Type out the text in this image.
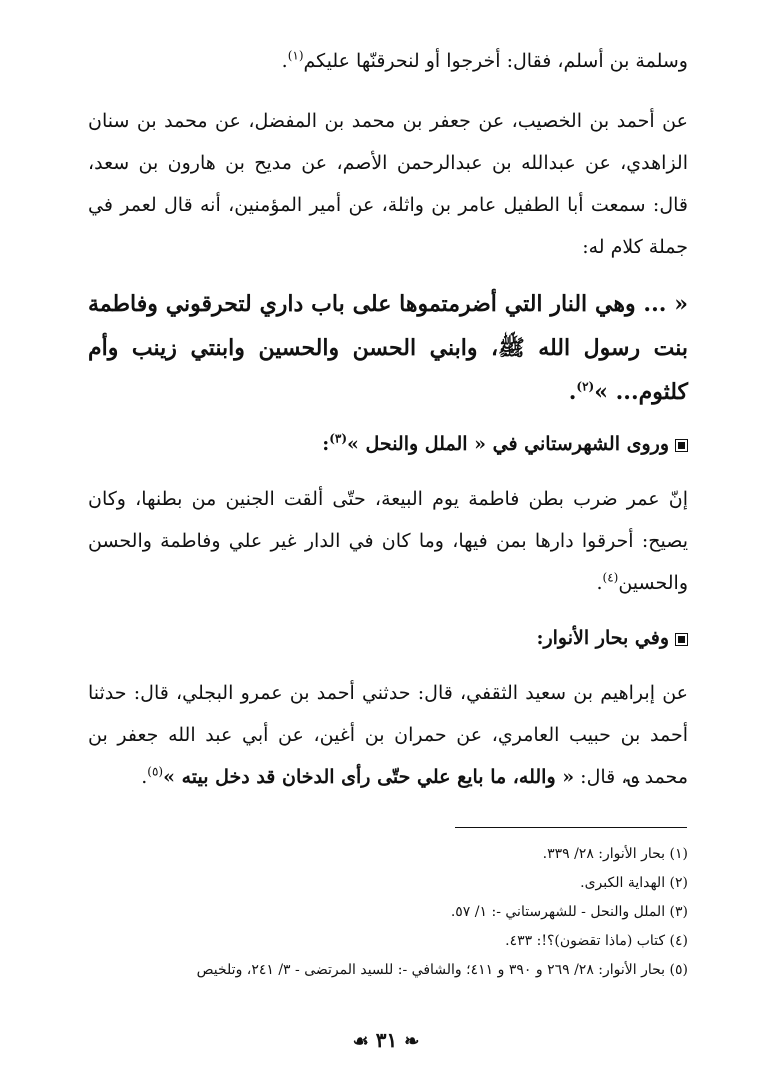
وسلمة بن أسلم، فقال: أخرجوا أو لنحرقنّها عليكم$^{(١)}$.

عن أحمد بن الخصيب، عن جعفر بن محمد بن المفضل، عن محمد بن سنان الزاهدي، عن عبدالله بن عبدالرحمن الأصم، عن مديح بن هارون بن سعد، قال: سمعت أبا الطفيل عامر بن واثلة، عن أمير المؤمنين، أنه قال لعمر في جملة كلام له:

« ... وهي النار التي أضرمتموها على باب داري لتحرقوني وفاطمة بنت رسول الله ﷺ، وابني الحسن والحسين وابنتي زينب وأم كلثوم... »$^{(٢)}$.

وروى الشهرستاني في « الملل والنحل »$^{(٣)}$:

إنّ عمر ضرب بطن فاطمة يوم البيعة، حتّى ألقت الجنين من بطنها، وكان يصيح: أحرقوا دارها بمن فيها، وما كان في الدار غير علي وفاطمة والحسن والحسين$^{(٤)}$.

وفي بحار الأنوار:

عن إبراهيم بن سعيد الثقفي، قال: حدثني أحمد بن عمرو البجلي، قال: حدثنا أحمد بن حبيب العامري، عن حمران بن أغين، عن أبي عبد الله جعفر بن محمد ؈، قال: « والله، ما بايع علي حتّى رأى الدخان قد دخل بيته »$^{(٥)}$.

(١) بحار الأنوار: ٢٨/ ٣٣٩.

(٢) الهداية الكبرى.

(٣) الملل والنحل - للشهرستاني -: ١/ ٥٧.

(٤) كتاب (ماذا تقضون)؟!: ٤٣٣.

(٥) بحار الأنوار: ٢٨/ ٢٦٩ و ٣٩٠ و ٤١١؛ والشافي -: للسيد المرتضى - ٣/ ٢٤١، وتلخيص

❧ ٣١ ☙
